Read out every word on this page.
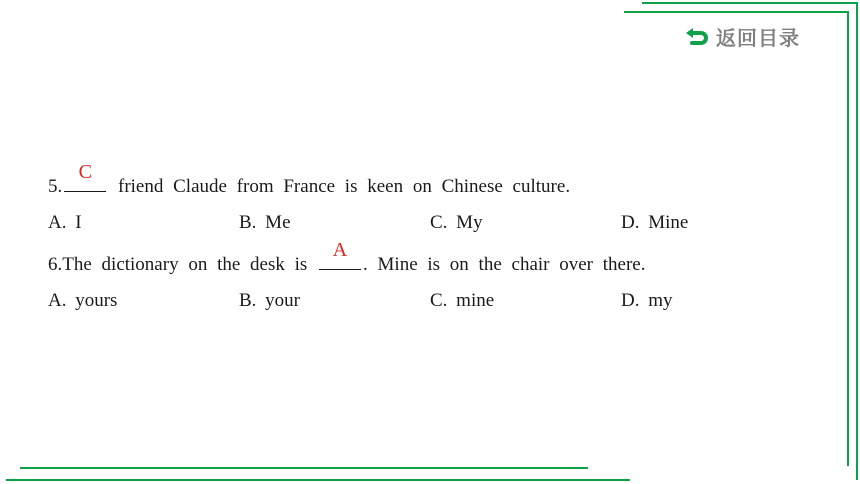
返回目录
5.
C
friend Claude from France is keen on Chinese culture.
A. I	B. Me	C. My	D. Mine
6.The dictionary on the desk is
A
. Mine is on the chair over there.
A. yours	B. your	C. mine	D. my
